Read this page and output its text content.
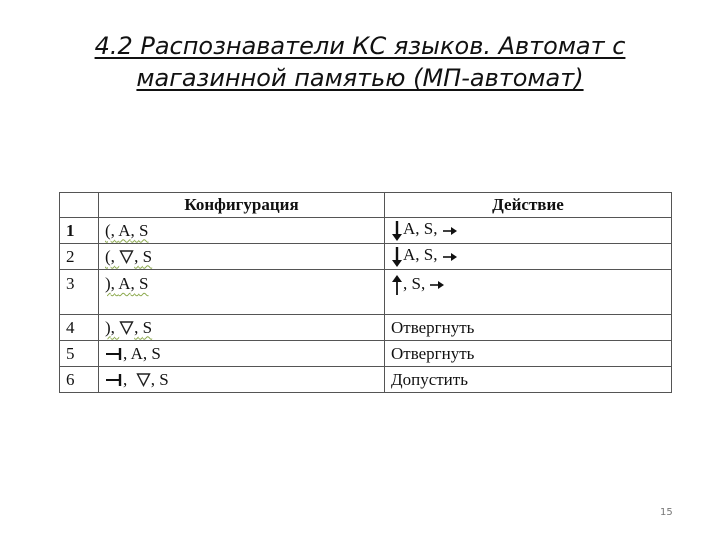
4.2 Распознаватели КС языков. Автомат с магазинной памятью (МП-автомат)
	Конфигурация	Действие
1	(, A, S	A, S,
2	(, , S	A, S,
3	), A, S	, S,
4	), , S	Отвергнуть
5	, A, S	Отвергнуть
6	, , S	Допустить
15
